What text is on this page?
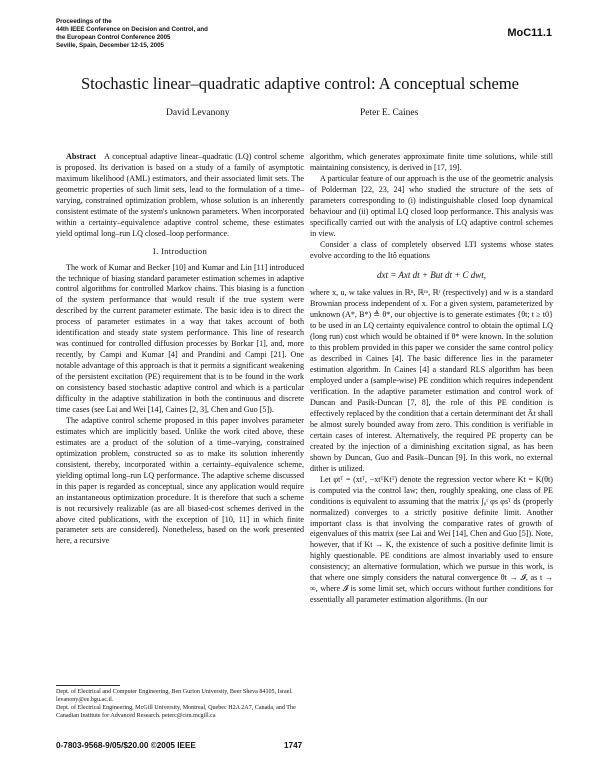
Proceedings of the
44th IEEE Conference on Decision and Control, and
the European Control Conference 2005
Seville, Spain, December 12-15, 2005
MoC11.1
Stochastic linear–quadratic adaptive control: A conceptual scheme
David Levanony	Peter E. Caines

Abstract A conceptual adaptive linear–quadratic (LQ) control scheme is proposed. Its derivation is based on a study of a family of asymptotic maximum likelihood (AML) estimators, and their associated limit sets. The geometric properties of such limit sets, lead to the formulation of a time–varying, constrained optimization problem, whose solution is an inherently consistent estimate of the system's unknown parameters. When incorporated within a certainty–equivalence adaptive control scheme, these estimates yield optimal long–run LQ closed–loop performance.

I. Introduction

The work of Kumar and Becker [10] and Kumar and Lin [11] introduced the technique of biasing standard parameter estimation schemes in adaptive control algorithms for controlled Markov chains. This biasing is a function of the system performance that would result if the true system were described by the current parameter estimate. The basic idea is to direct the process of parameter estimates in a way that takes account of both identification and steady state system performance. This line of research was continued for controlled diffusion processes by Borkar [1], and, more recently, by Campi and Kumar [4] and Prandini and Campi [21]. One notable advantage of this approach is that it permits a significant weakening of the persistent excitation (PE) requirement that is to be found in the work on consistency based stochastic adaptive control and which is a particular difficulty in the adaptive stabilization in both the continuous and discrete time cases (see Lai and Wei [14], Caines [2, 3], Chen and Guo [5]).

The adaptive control scheme proposed in this paper involves parameter estimates which are implicitly based. Unlike the work cited above, these estimates are a product of the solution of a time–varying, constrained optimization problem, constructed so as to make its solution inherently consistent, thereby, incorporated within a certainty–equivalence scheme, yielding optimal long–run LQ performance. The adaptive scheme discussed in this paper is regarded as conceptual, since any application would require an instantaneous optimization procedure. It is therefore that such a scheme is not recursively realizable (as are all biased-cost schemes derived in the above cited publications, with the exception of [10, 11] in which finite parameter sets are considered). Nonetheless, based on the work presented here, a recursive

Dept. of Electrical and Computer Engineering, Ben Gurion University, Beer Sheva 84105, Israel. levanony@ee.bgu.ac.il.
Dept. of Electrical Engineering, McGill University, Montreal, Quebec H2A 2A7, Canada, and The Canadian Institute for Advanced Research. peterc@cim.mcgill.ca

algorithm, which generates approximate finite time solutions, while still maintaining consistency, is derived in [17, 19].

A particular feature of our approach is the use of the geometric analysis of Polderman [22, 23, 24] who studied the structure of the sets of parameters corresponding to (i) indistinguishable closed loop dynamical behaviour and (ii) optimal LQ closed loop performance. This analysis was specifically carried out with the analysis of LQ adaptive control schemes in view.

Consider a class of completely observed LTI systems whose states evolve according to the Itô equations

dxt = Axt dt + But dt + C dwt,

where x, u, w take values in ℝⁿ, ℝᵐ, ℝʳ (respectively) and w is a standard Brownian process independent of x. For a given system, parameterized by unknown (A*, B*) ≜ θ*, our objective is to generate estimates {θt; t ≥ t0} to be used in an LQ certainty equivalence control to obtain the optimal LQ (long run) cost which would be obtained if θ* were known. In the solution to this problem provided in this paper we consider the same control policy as described in Caines [4]. The basic difference lies in the parameter estimation algorithm. In Caines [4] a standard RLS algorithm has been employed under a (sample-wise) PE condition which requires independent verification. In the adaptive parameter estimation and control work of Duncan and Pasik-Duncan [7, 8], the role of this PE condition is effectively replaced by the condition that a certain determinant det Āt shall be almost surely bounded away from zero. This condition is verifiable in certain cases of interest. Alternatively, the required PE property can be created by the injection of a diminishing excitation signal, as has been shown by Duncan, Guo and Pasik–Duncan [9]. In this work, no external dither is utilized.

Let φtᵀ = (xtᵀ, −xtᵀKtᵀ) denote the regression vector where Kt = K(θt) is computed via the control law; then, roughly speaking, one class of PE conditions is equivalent to assuming that the matrix ∫₀ᵗ φs φsᵀ ds (properly normalized) converges to a strictly positive definite limit. Another important class is that involving the comparative rates of growth of eigenvalues of this matrix (see Lai and Wei [14], Chen and Guo [5]). Note, however, that if Kt → K, the existence of such a positive definite limit is highly questionable. PE conditions are almost invariably used to ensure consistency; an alternative formulation, which we pursue in this work, is that where one simply considers the natural convergence θt → 𝓘, as t → ∞, where 𝓘 is some limit set, which occurs without further conditions for essentially all parameter estimation algorithms. (In our

0-7803-9568-9/05/$20.00 ©2005 IEEE	1747
